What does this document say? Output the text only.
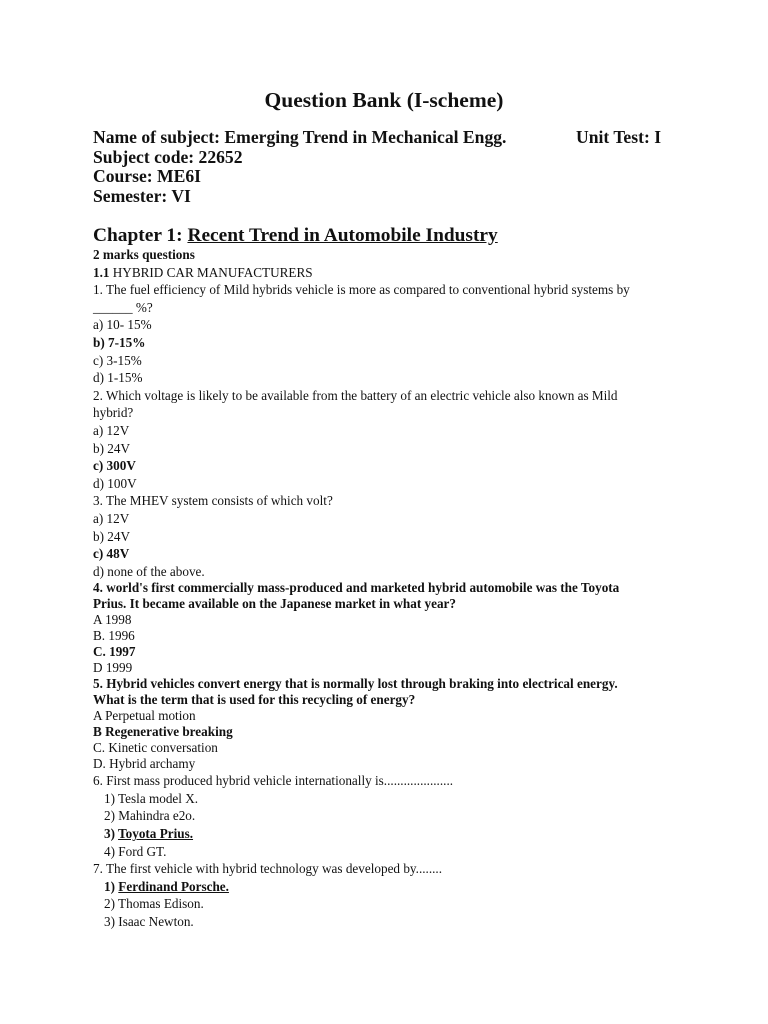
Question Bank (I-scheme)
Name of subject: Emerging Trend in Mechanical Engg.
Subject code: 22652
Course: ME6I
Semester: VI
Unit Test: I
Chapter 1: Recent Trend in Automobile Industry
2 marks questions
1.1 HYBRID CAR MANUFACTURERS
1. The fuel efficiency of Mild hybrids vehicle is more as compared to conventional hybrid systems by
______ %?
a) 10- 15%
b) 7-15%
c) 3-15%
d) 1-15%
2. Which voltage is likely to be available from the battery of an electric vehicle also known as Mild
hybrid?
a) 12V
b) 24V
c) 300V
d) 100V
3. The MHEV system consists of which volt?
a) 12V
b) 24V
c) 48V
d) none of the above.
4. world's first commercially mass-produced and marketed hybrid automobile was the Toyota
Prius. It became available on the Japanese market in what year?
A 1998
B. 1996
C. 1997
D 1999
5. Hybrid vehicles convert energy that is normally lost through braking into electrical energy.
What is the term that is used for this recycling of energy?
A Perpetual motion
B Regenerative breaking
C. Kinetic conversation
D. Hybrid archamy
6. First mass produced hybrid vehicle internationally is.....................
1) Tesla model X.
2) Mahindra e2o.
3) Toyota Prius.
4) Ford GT.
7. The first vehicle with hybrid technology was developed by........
1) Ferdinand Porsche.
2) Thomas Edison.
3) Isaac Newton.
